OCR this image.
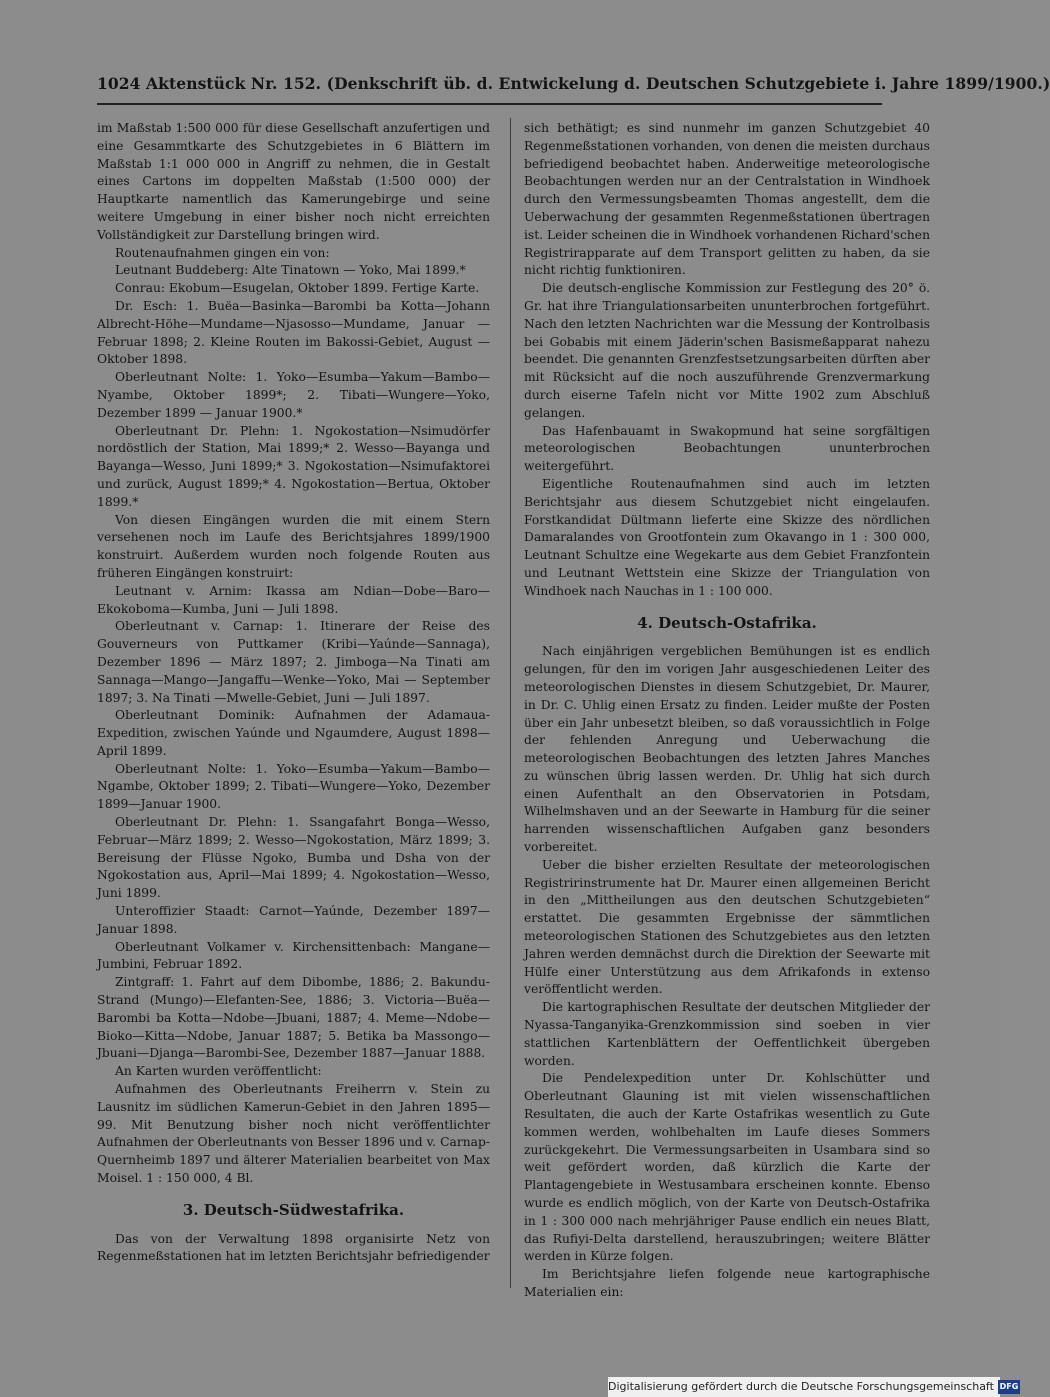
1024 Aktenstück Nr. 152. (Denkschrift üb. d. Entwickelung d. Deutschen Schutzgebiete i. Jahre 1899/1900.)

im Maßstab 1:500 000 für diese Gesellschaft anzufertigen und eine Gesammtkarte des Schutzgebietes in 6 Blättern im Maßstab 1:1 000 000 in Angriff zu nehmen, die in Gestalt eines Cartons im doppelten Maßstab (1:500 000) der Hauptkarte namentlich das Kamerungebirge und seine weitere Umgebung in einer bisher noch nicht erreichten Vollständigkeit zur Darstellung bringen wird.

Routenaufnahmen gingen ein von:

Leutnant Buddeberg: Alte Tinatown — Yoko, Mai 1899.*

Conrau: Ekobum—Esugelan, Oktober 1899. Fertige Karte.

Dr. Esch: 1. Buëa—Basinka—Barombi ba Kotta—Johann Albrecht-Höhe—Mundame—Njasosso—Mundame, Januar — Februar 1898; 2. Kleine Routen im Bakossi-Gebiet, August — Oktober 1898.

Oberleutnant Nolte: 1. Yoko—Esumba—Yakum—Bambo—Nyambe, Oktober 1899*; 2. Tibati—Wungere—Yoko, Dezember 1899 — Januar 1900.*

Oberleutnant Dr. Plehn: 1. Ngokostation—Nsimudörfer nordöstlich der Station, Mai 1899;* 2. Wesso—Bayanga und Bayanga—Wesso, Juni 1899;* 3. Ngokostation—Nsimufaktorei und zurück, August 1899;* 4. Ngokostation—Bertua, Oktober 1899.*

Von diesen Eingängen wurden die mit einem Stern versehenen noch im Laufe des Berichtsjahres 1899/1900 konstruirt. Außerdem wurden noch folgende Routen aus früheren Eingängen konstruirt:

Leutnant v. Arnim: Ikassa am Ndian—Dobe—Baro—Ekokoboma—Kumba, Juni — Juli 1898.

Oberleutnant v. Carnap: 1. Itinerare der Reise des Gouverneurs von Puttkamer (Kribi—Yaúnde—Sannaga), Dezember 1896 — März 1897; 2. Jimboga—Na Tinati am Sannaga—Mango—Jangaffu—Wenke—Yoko, Mai — September 1897; 3. Na Tinati —Mwelle-Gebiet, Juni — Juli 1897.

Oberleutnant Dominik: Aufnahmen der Adamaua-Expedition, zwischen Yaúnde und Ngaumdere, August 1898—April 1899.

Oberleutnant Nolte: 1. Yoko—Esumba—Yakum—Bambo—Ngambe, Oktober 1899; 2. Tibati—Wungere—Yoko, Dezember 1899—Januar 1900.

Oberleutnant Dr. Plehn: 1. Ssangafahrt Bonga—Wesso, Februar—März 1899; 2. Wesso—Ngokostation, März 1899; 3. Bereisung der Flüsse Ngoko, Bumba und Dsha von der Ngokostation aus, April—Mai 1899; 4. Ngokostation—Wesso, Juni 1899.

Unteroffizier Staadt: Carnot—Yaúnde, Dezember 1897—Januar 1898.

Oberleutnant Volkamer v. Kirchensittenbach: Mangane—Jumbini, Februar 1892.

Zintgraff: 1. Fahrt auf dem Dibombe, 1886; 2. Bakundu-Strand (Mungo)—Elefanten-See, 1886; 3. Victoria—Buëa—Barombi ba Kotta—Ndobe—Jbuani, 1887; 4. Meme—Ndobe—Bioko—Kitta—Ndobe, Januar 1887; 5. Betika ba Massongo—Jbuani—Djanga—Barombi-See, Dezember 1887—Januar 1888.

An Karten wurden veröffentlicht:

Aufnahmen des Oberleutnants Freiherrn v. Stein zu Lausnitz im südlichen Kamerun-Gebiet in den Jahren 1895—99. Mit Benutzung bisher noch nicht veröffentlichter Aufnahmen der Oberleutnants von Besser 1896 und v. Carnap-Quernheimb 1897 und älterer Materialien bearbeitet von Max Moisel. 1 : 150 000, 4 Bl.

3. Deutsch-Südwestafrika.

Das von der Verwaltung 1898 organisirte Netz von Regenmeßstationen hat im letzten Berichtsjahr befriedigender

sich bethätigt; es sind nunmehr im ganzen Schutzgebiet 40 Regenmeßstationen vorhanden, von denen die meisten durchaus befriedigend beobachtet haben. Anderweitige meteorologische Beobachtungen werden nur an der Centralstation in Windhoek durch den Vermessungsbeamten Thomas angestellt, dem die Ueberwachung der gesammten Regenmeßstationen übertragen ist. Leider scheinen die in Windhoek vorhandenen Richard'schen Registrirapparate auf dem Transport gelitten zu haben, da sie nicht richtig funktioniren.

Die deutsch-englische Kommission zur Festlegung des 20° ö. Gr. hat ihre Triangulationsarbeiten ununterbrochen fortgeführt. Nach den letzten Nachrichten war die Messung der Kontrolbasis bei Gobabis mit einem Jäderin'schen Basismeßapparat nahezu beendet. Die genannten Grenzfestsetzungsarbeiten dürften aber mit Rücksicht auf die noch auszuführende Grenzvermarkung durch eiserne Tafeln nicht vor Mitte 1902 zum Abschluß gelangen.

Das Hafenbauamt in Swakopmund hat seine sorgfältigen meteorologischen Beobachtungen ununterbrochen weitergeführt.

Eigentliche Routenaufnahmen sind auch im letzten Berichtsjahr aus diesem Schutzgebiet nicht eingelaufen. Forstkandidat Dültmann lieferte eine Skizze des nördlichen Damaralandes von Grootfontein zum Okavango in 1 : 300 000, Leutnant Schultze eine Wegekarte aus dem Gebiet Franzfontein und Leutnant Wettstein eine Skizze der Triangulation von Windhoek nach Nauchas in 1 : 100 000.

4. Deutsch-Ostafrika.

Nach einjährigen vergeblichen Bemühungen ist es endlich gelungen, für den im vorigen Jahr ausgeschiedenen Leiter des meteorologischen Dienstes in diesem Schutzgebiet, Dr. Maurer, in Dr. C. Uhlig einen Ersatz zu finden. Leider mußte der Posten über ein Jahr unbesetzt bleiben, so daß voraussichtlich in Folge der fehlenden Anregung und Ueberwachung die meteorologischen Beobachtungen des letzten Jahres Manches zu wünschen übrig lassen werden. Dr. Uhlig hat sich durch einen Aufenthalt an den Observatorien in Potsdam, Wilhelmshaven und an der Seewarte in Hamburg für die seiner harrenden wissenschaftlichen Aufgaben ganz besonders vorbereitet.

Ueber die bisher erzielten Resultate der meteorologischen Registririnstrumente hat Dr. Maurer einen allgemeinen Bericht in den „Mittheilungen aus den deutschen Schutzgebieten“ erstattet. Die gesammten Ergebnisse der sämmtlichen meteorologischen Stationen des Schutzgebietes aus den letzten Jahren werden demnächst durch die Direktion der Seewarte mit Hülfe einer Unterstützung aus dem Afrikafonds in extenso veröffentlicht werden.

Die kartographischen Resultate der deutschen Mitglieder der Nyassa-Tanganyika-Grenzkommission sind soeben in vier stattlichen Kartenblättern der Oeffentlichkeit übergeben worden.

Die Pendelexpedition unter Dr. Kohlschütter und Oberleutnant Glauning ist mit vielen wissenschaftlichen Resultaten, die auch der Karte Ostafrikas wesentlich zu Gute kommen werden, wohlbehalten im Laufe dieses Sommers zurückgekehrt. Die Vermessungsarbeiten in Usambara sind so weit gefördert worden, daß kürzlich die Karte der Plantagengebiete in Westusambara erscheinen konnte. Ebenso wurde es endlich möglich, von der Karte von Deutsch-Ostafrika in 1 : 300 000 nach mehrjähriger Pause endlich ein neues Blatt, das Rufiyi-Delta darstellend, herauszubringen; weitere Blätter werden in Kürze folgen.

Im Berichtsjahre liefen folgende neue kartographische Materialien ein:

Digitalisierung gefördert durch die Deutsche Forschungsgemeinschaft DFG
